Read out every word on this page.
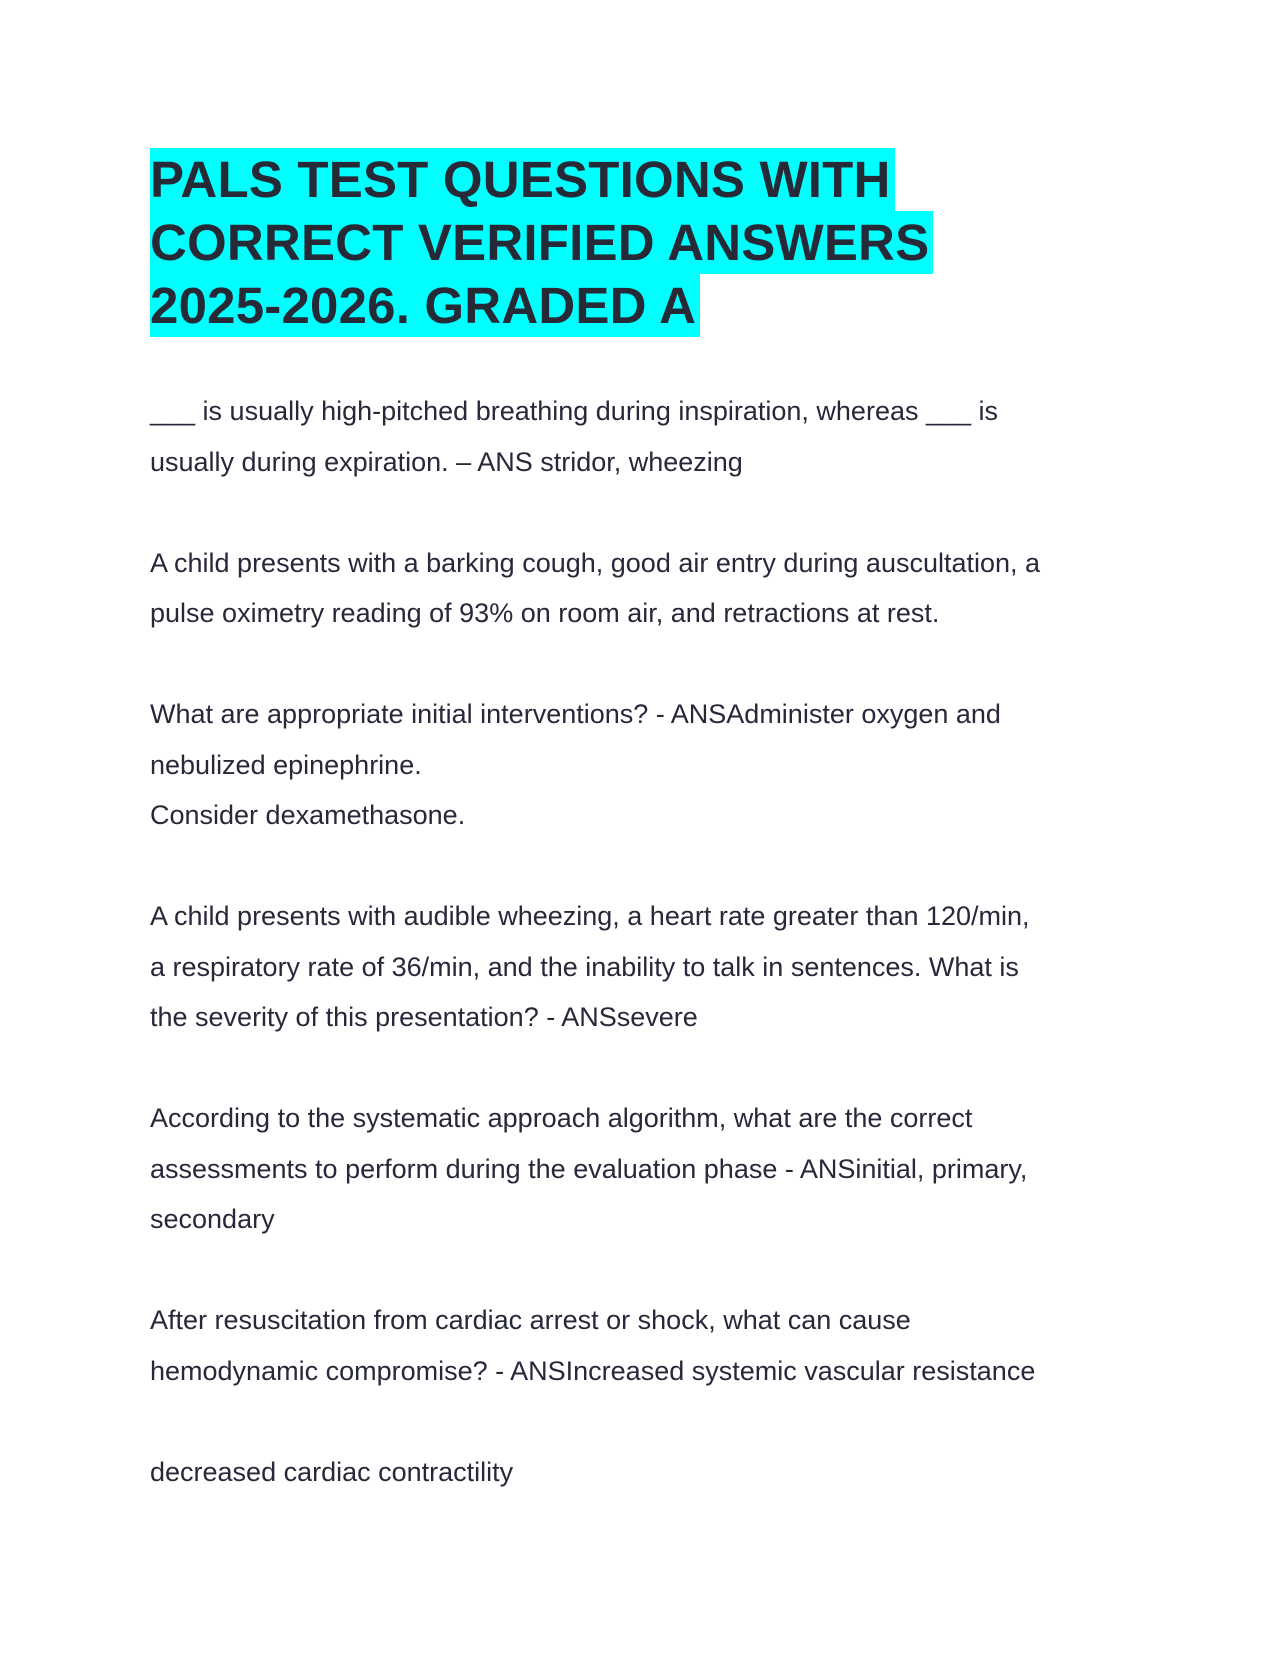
PALS TEST QUESTIONS WITH
CORRECT VERIFIED ANSWERS
2025-2026. GRADED A
___ is usually high-pitched breathing during inspiration, whereas ___ is
usually during expiration. – ANS stridor, wheezing
A child presents with a barking cough, good air entry during auscultation, a
pulse oximetry reading of 93% on room air, and retractions at rest.
What are appropriate initial interventions? - ANSAdminister oxygen and
nebulized epinephrine.
Consider dexamethasone.
A child presents with audible wheezing, a heart rate greater than 120/min,
a respiratory rate of 36/min, and the inability to talk in sentences. What is
the severity of this presentation? - ANSsevere
According to the systematic approach algorithm, what are the correct
assessments to perform during the evaluation phase - ANSinitial, primary,
secondary
After resuscitation from cardiac arrest or shock, what can cause
hemodynamic compromise? - ANSIncreased systemic vascular resistance
decreased cardiac contractility
